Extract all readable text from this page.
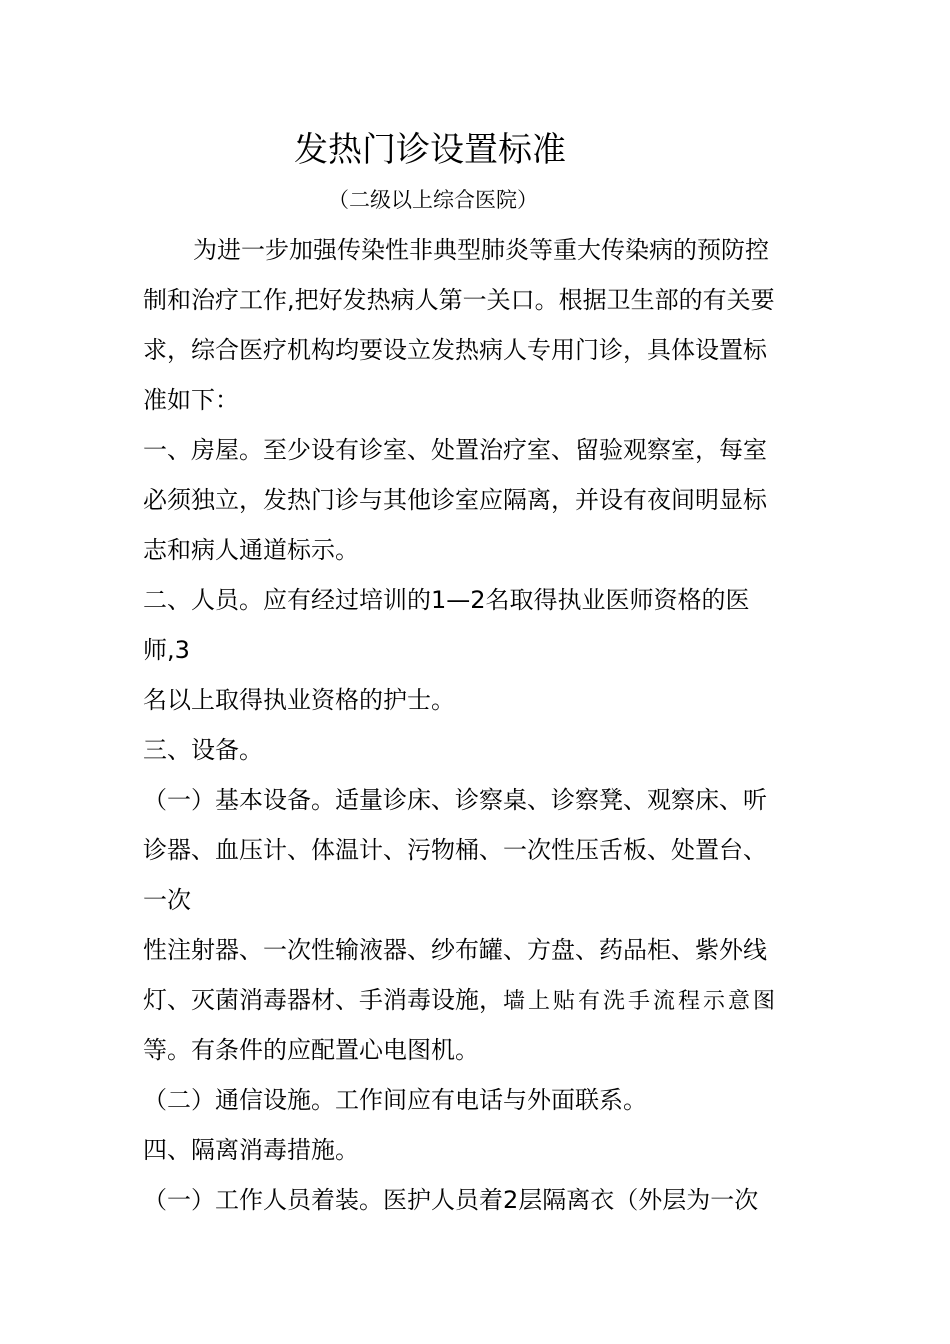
发热门诊设置标准
（二级以上综合医院）
为进一步加强传染性非典型肺炎等重大传染病的预防控
制和治疗工作,把好发热病人第一关口。根据卫生部的有关要
求，综合医疗机构均要设立发热病人专用门诊，具体设置标
准如下：
一、房屋。至少设有诊室、处置治疗室、留验观察室，每室
必须独立，发热门诊与其他诊室应隔离，并设有夜间明显标
志和病人通道标示。
二、人员。应有经过培训的1—2名取得执业医师资格的医
师,3
名以上取得执业资格的护士。
三、设备。
（一）基本设备。适量诊床、诊察桌、诊察凳、观察床、听
诊器、血压计、体温计、污物桶、一次性压舌板、处置台、
一次
性注射器、一次性输液器、纱布罐、方盘、药品柜、紫外线
灯、灭菌消毒器材、手消毒设施，墙上贴有洗手流程示意图
等。有条件的应配置心电图机。
（二）通信设施。工作间应有电话与外面联系。
四、隔离消毒措施。
（一）工作人员着装。医护人员着2层隔离衣（外层为一次
